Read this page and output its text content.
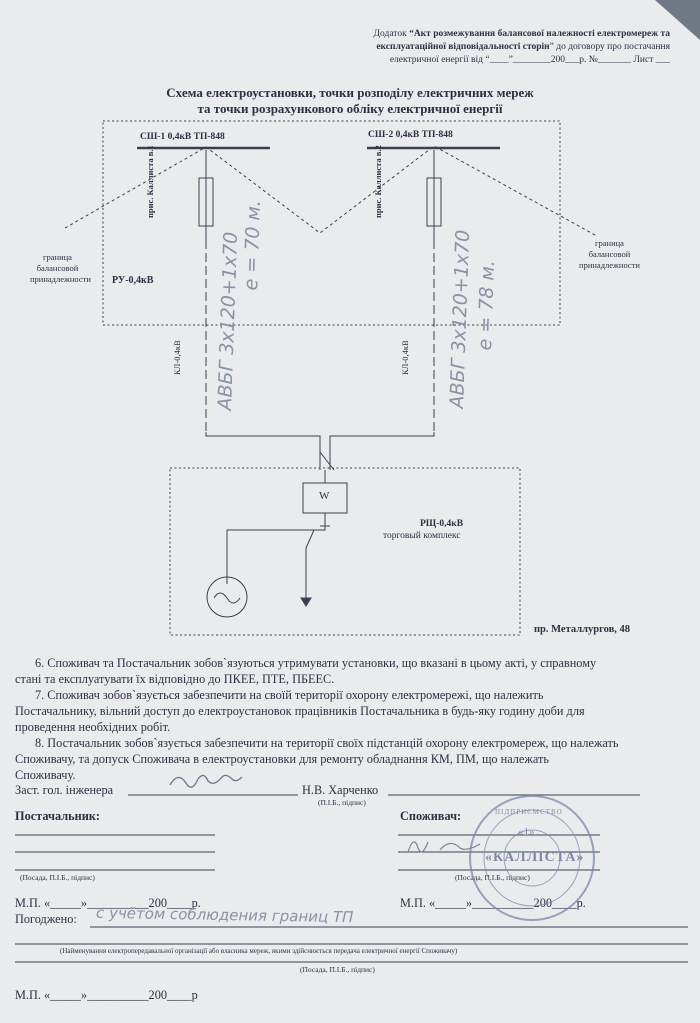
Додаток “Акт розмежування балансової належності електромереж та
експлуатаційної відповідальності сторін” до договору про постачання
електричної енергії від “____”________200___р. №_______ Лист ___
Схема електроустановки, точки розподілу електричних мереж
та точки розрахункового обліку електричної енергії
СШ-1 0,4кВ ТП-848	СШ-2 0,4кВ ТП-848
прис. Каллиста в.1	прис. Каллиста в.2
КЛ-0,4кВ	КЛ-0,4кВ
граница
балансовой
принадлежности
граница
балансовой
принадлежности
РУ-0,4кВ
W
РЩ-0,4кВ
торговый комплекс
пр. Металлургов, 48
АВБГ 3х120+1х70
е = 70 м.	АВБГ 3х120+1х70 е = 78 м.
6. Споживач та Постачальник зобов`язуються утримувати установки, що вказані в цьому акті, у справному
стані та експлуатувати їх відповідно до ПКЕЕ, ПТЕ, ПБЕЕС.
7. Споживач зобов`язується забезпечити на своїй території охорону електромережі, що належить
Постачальнику, вільний доступ до електроустановок працівників Постачальника в будь-яку годину доби для
проведення необхідних робіт.
8. Постачальник зобов`язується забезпечити на території своїх підстанцій охорону електромереж, що належать
Споживачу, та допуск Споживача в електроустановки для ремонту обладнання КМ, ПМ, що належать
Споживачу.
Заст. гол. інженера	Н.В. Харченко
(П.І.Б., підпис)
Постачальник:	Споживач:
(Посада, П.І.Б., підпис)	(Посада, П.І.Б., підпис)
М.П. «_____»__________200____р.	М.П. «_____»__________200____р.
Погоджено: с учётом соблюдения границ ТП
(Найменування електропередавальної організації або власника мереж, якими здійснюється передача електричної енергії Споживачу)
(Посада, П.І.Б., підпис)
М.П. «_____»__________200____р
ПІДПРИЄМСТВО
«1»
«КАЛЛІСТА»
